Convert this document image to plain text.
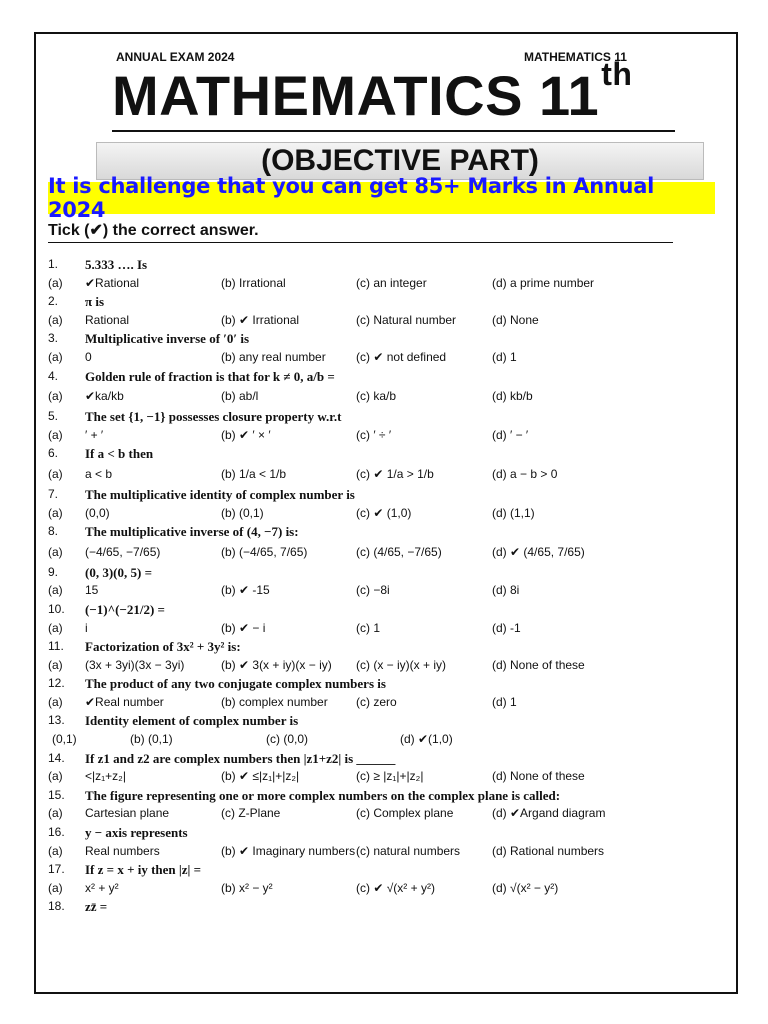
ANNUAL EXAM 2024	MATHEMATICS 11
MATHEMATICS 11th
(OBJECTIVE PART)
It is challenge that you can get 85+ Marks in Annual 2024
Tick (✔) the correct answer.
1. 5.333 …. Is
(a) ✔Rational	(b) Irrational	(c) an integer	(d) a prime number
2. π is
(a) Rational	(b) ✔ Irrational	(c) Natural number	(d) None
3. Multiplicative inverse of ′0′ is
(a) 0	(b) any real number	(c) ✔ not defined	(d) 1
4. Golden rule of fraction is that for k ≠ 0, a/b =
(a) ✔ka/kb	(b) ab/l	(c) ka/b	(d) kb/b
5. The set {1, −1} possesses closure property w.r.t
(a) ′ + ′	(b) ✔ ′ × ′	(c) ′ ÷ ′	(d) ′ − ′
6. If a < b then
(a) a < b	(b) 1/a < 1/b	(c) ✔ 1/a > 1/b	(d) a − b > 0
7. The multiplicative identity of complex number is
(a) (0,0)	(b) (0,1)	(c) ✔ (1,0)	(d) (1,1)
8. The multiplicative inverse of (4, −7) is:
(a) (−4/65, −7/65)	(b) (−4/65, 7/65)	(c) (4/65, −7/65)	(d) ✔ (4/65, 7/65)
9. (0, 3)(0, 5) =
(a) 15	(b) ✔ -15	(c) −8i	(d) 8i
10. (−1)^(−21/2) =
(a) i	(b) ✔ − i	(c) 1	(d) -1
11. Factorization of 3x² + 3y² is:
(a) (3x + 3yi)(3x − 3yi)	(b) ✔ 3(x + iy)(x − iy) (c) (x − iy)(x + iy)	(d) None of these
12. The product of any two conjugate complex numbers is
(a) ✔Real number	(b) complex number (c) zero	(d) 1
13. Identity element of complex number is
(0,1)	(b) (0,1)	(c) (0,0)	(d) ✔(1,0)
14. If z1 and z2 are complex numbers then |z1+z2| is ______
(a) <|z₁+z₂|	(b) ✔ ≤|z₁|+|z₂|	(c) ≥ |z₁|+|z₂|	(d) None of these
15. The figure representing one or more complex numbers on the complex plane is called:
(a) Cartesian plane	(c) Z-Plane	(c) Complex plane	(d) ✔Argand diagram
16. y − axis represents
(a) Real numbers	(b) ✔ Imaginary numbers (c) natural numbers	(d) Rational numbers
17. If z = x + iy then |z| =
(a) x² + y²	(b) x² − y²	(c) ✔ √(x² + y²)	(d) √(x² − y²)
18. zz̄ =
